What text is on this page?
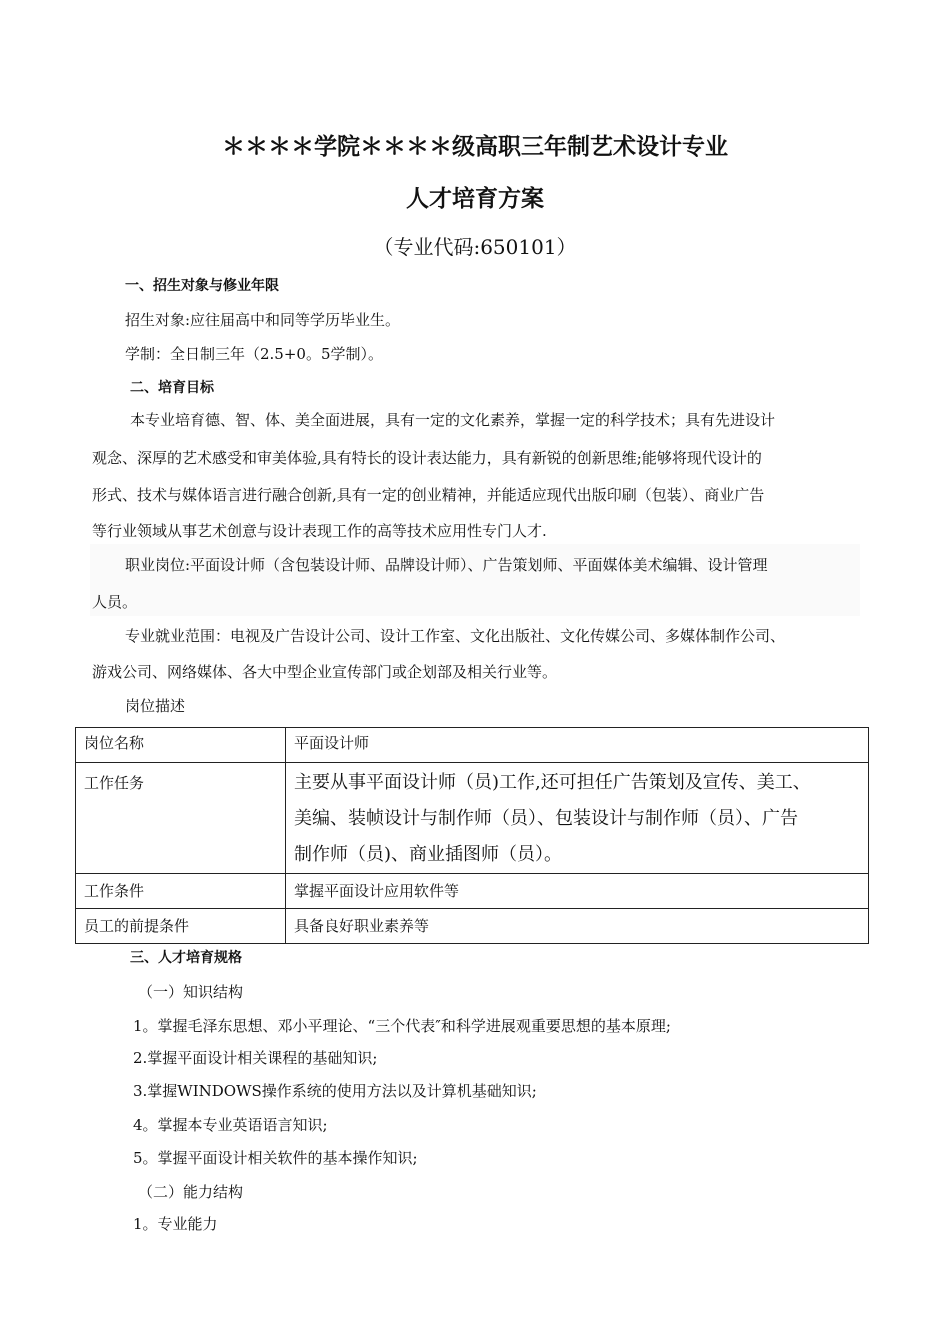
＊＊＊＊学院＊＊＊＊级高职三年制艺术设计专业
人才培育方案
（专业代码:650101）
一、招生对象与修业年限
招生对象:应往届高中和同等学历毕业生。
学制：全日制三年（2.5+0。5学制）。
二、培育目标
本专业培育德、智、体、美全面进展，具有一定的文化素养，掌握一定的科学技术；具有先进设计
观念、深厚的艺术感受和审美体验,具有特长的设计表达能力，具有新锐的创新思维;能够将现代设计的
形式、技术与媒体语言进行融合创新,具有一定的创业精神，并能适应现代出版印刷（包装）、商业广告
等行业领域从事艺术创意与设计表现工作的高等技术应用性专门人才.
职业岗位:平面设计师（含包装设计师、品牌设计师）、广告策划师、平面媒体美术编辑、设计管理
人员。
专业就业范围：电视及广告设计公司、设计工作室、文化出版社、文化传媒公司、多媒体制作公司、
游戏公司、网络媒体、各大中型企业宣传部门或企划部及相关行业等。
岗位描述
岗位名称	平面设计师
工作任务	主要从事平面设计师（员)工作,还可担任广告策划及宣传、美工、
美编、装帧设计与制作师（员）、包装设计与制作师（员）、广告
制作师（员)、商业插图师（员）。

工作条件	掌握平面设计应用软件等
员工的前提条件	具备良好职业素养等
三、人才培育规格
（一）知识结构
1。掌握毛泽东思想、邓小平理论、“三个代表″和科学进展观重要思想的基本原理;
2.掌握平面设计相关课程的基础知识;
3.掌握WINDOWS操作系统的使用方法以及计算机基础知识;
4。掌握本专业英语语言知识;
5。掌握平面设计相关软件的基本操作知识;
（二）能力结构
1。专业能力
